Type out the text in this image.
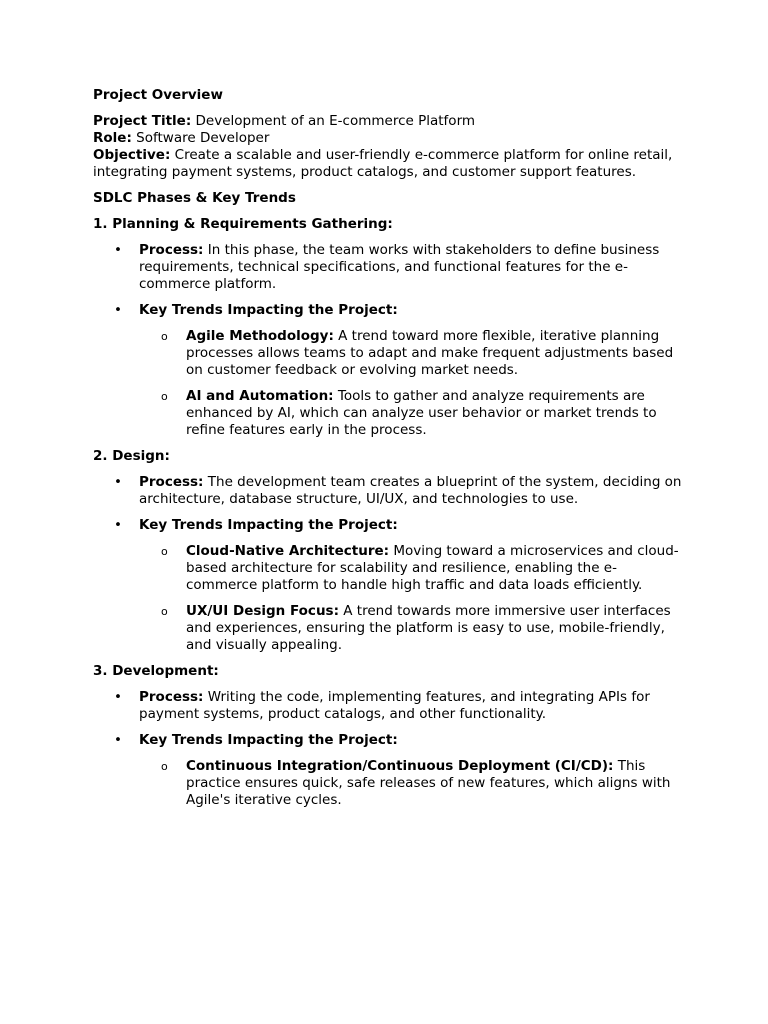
Project Overview
Project Title: Development of an E-commerce Platform
Role: Software Developer
Objective: Create a scalable and user-friendly e-commerce platform for online retail, integrating payment systems, product catalogs, and customer support features.
SDLC Phases & Key Trends
1. Planning & Requirements Gathering:
• Process: In this phase, the team works with stakeholders to define business requirements, technical specifications, and functional features for the e-commerce platform.
• Key Trends Impacting the Project:
o Agile Methodology: A trend toward more flexible, iterative planning processes allows teams to adapt and make frequent adjustments based on customer feedback or evolving market needs.
o AI and Automation: Tools to gather and analyze requirements are enhanced by AI, which can analyze user behavior or market trends to refine features early in the process.
2. Design:
• Process: The development team creates a blueprint of the system, deciding on architecture, database structure, UI/UX, and technologies to use.
• Key Trends Impacting the Project:
o Cloud-Native Architecture: Moving toward a microservices and cloud-based architecture for scalability and resilience, enabling the e-commerce platform to handle high traffic and data loads efficiently.
o UX/UI Design Focus: A trend towards more immersive user interfaces and experiences, ensuring the platform is easy to use, mobile-friendly, and visually appealing.
3. Development:
• Process: Writing the code, implementing features, and integrating APIs for payment systems, product catalogs, and other functionality.
• Key Trends Impacting the Project:
o Continuous Integration/Continuous Deployment (CI/CD): This practice ensures quick, safe releases of new features, which aligns with Agile's iterative cycles.
